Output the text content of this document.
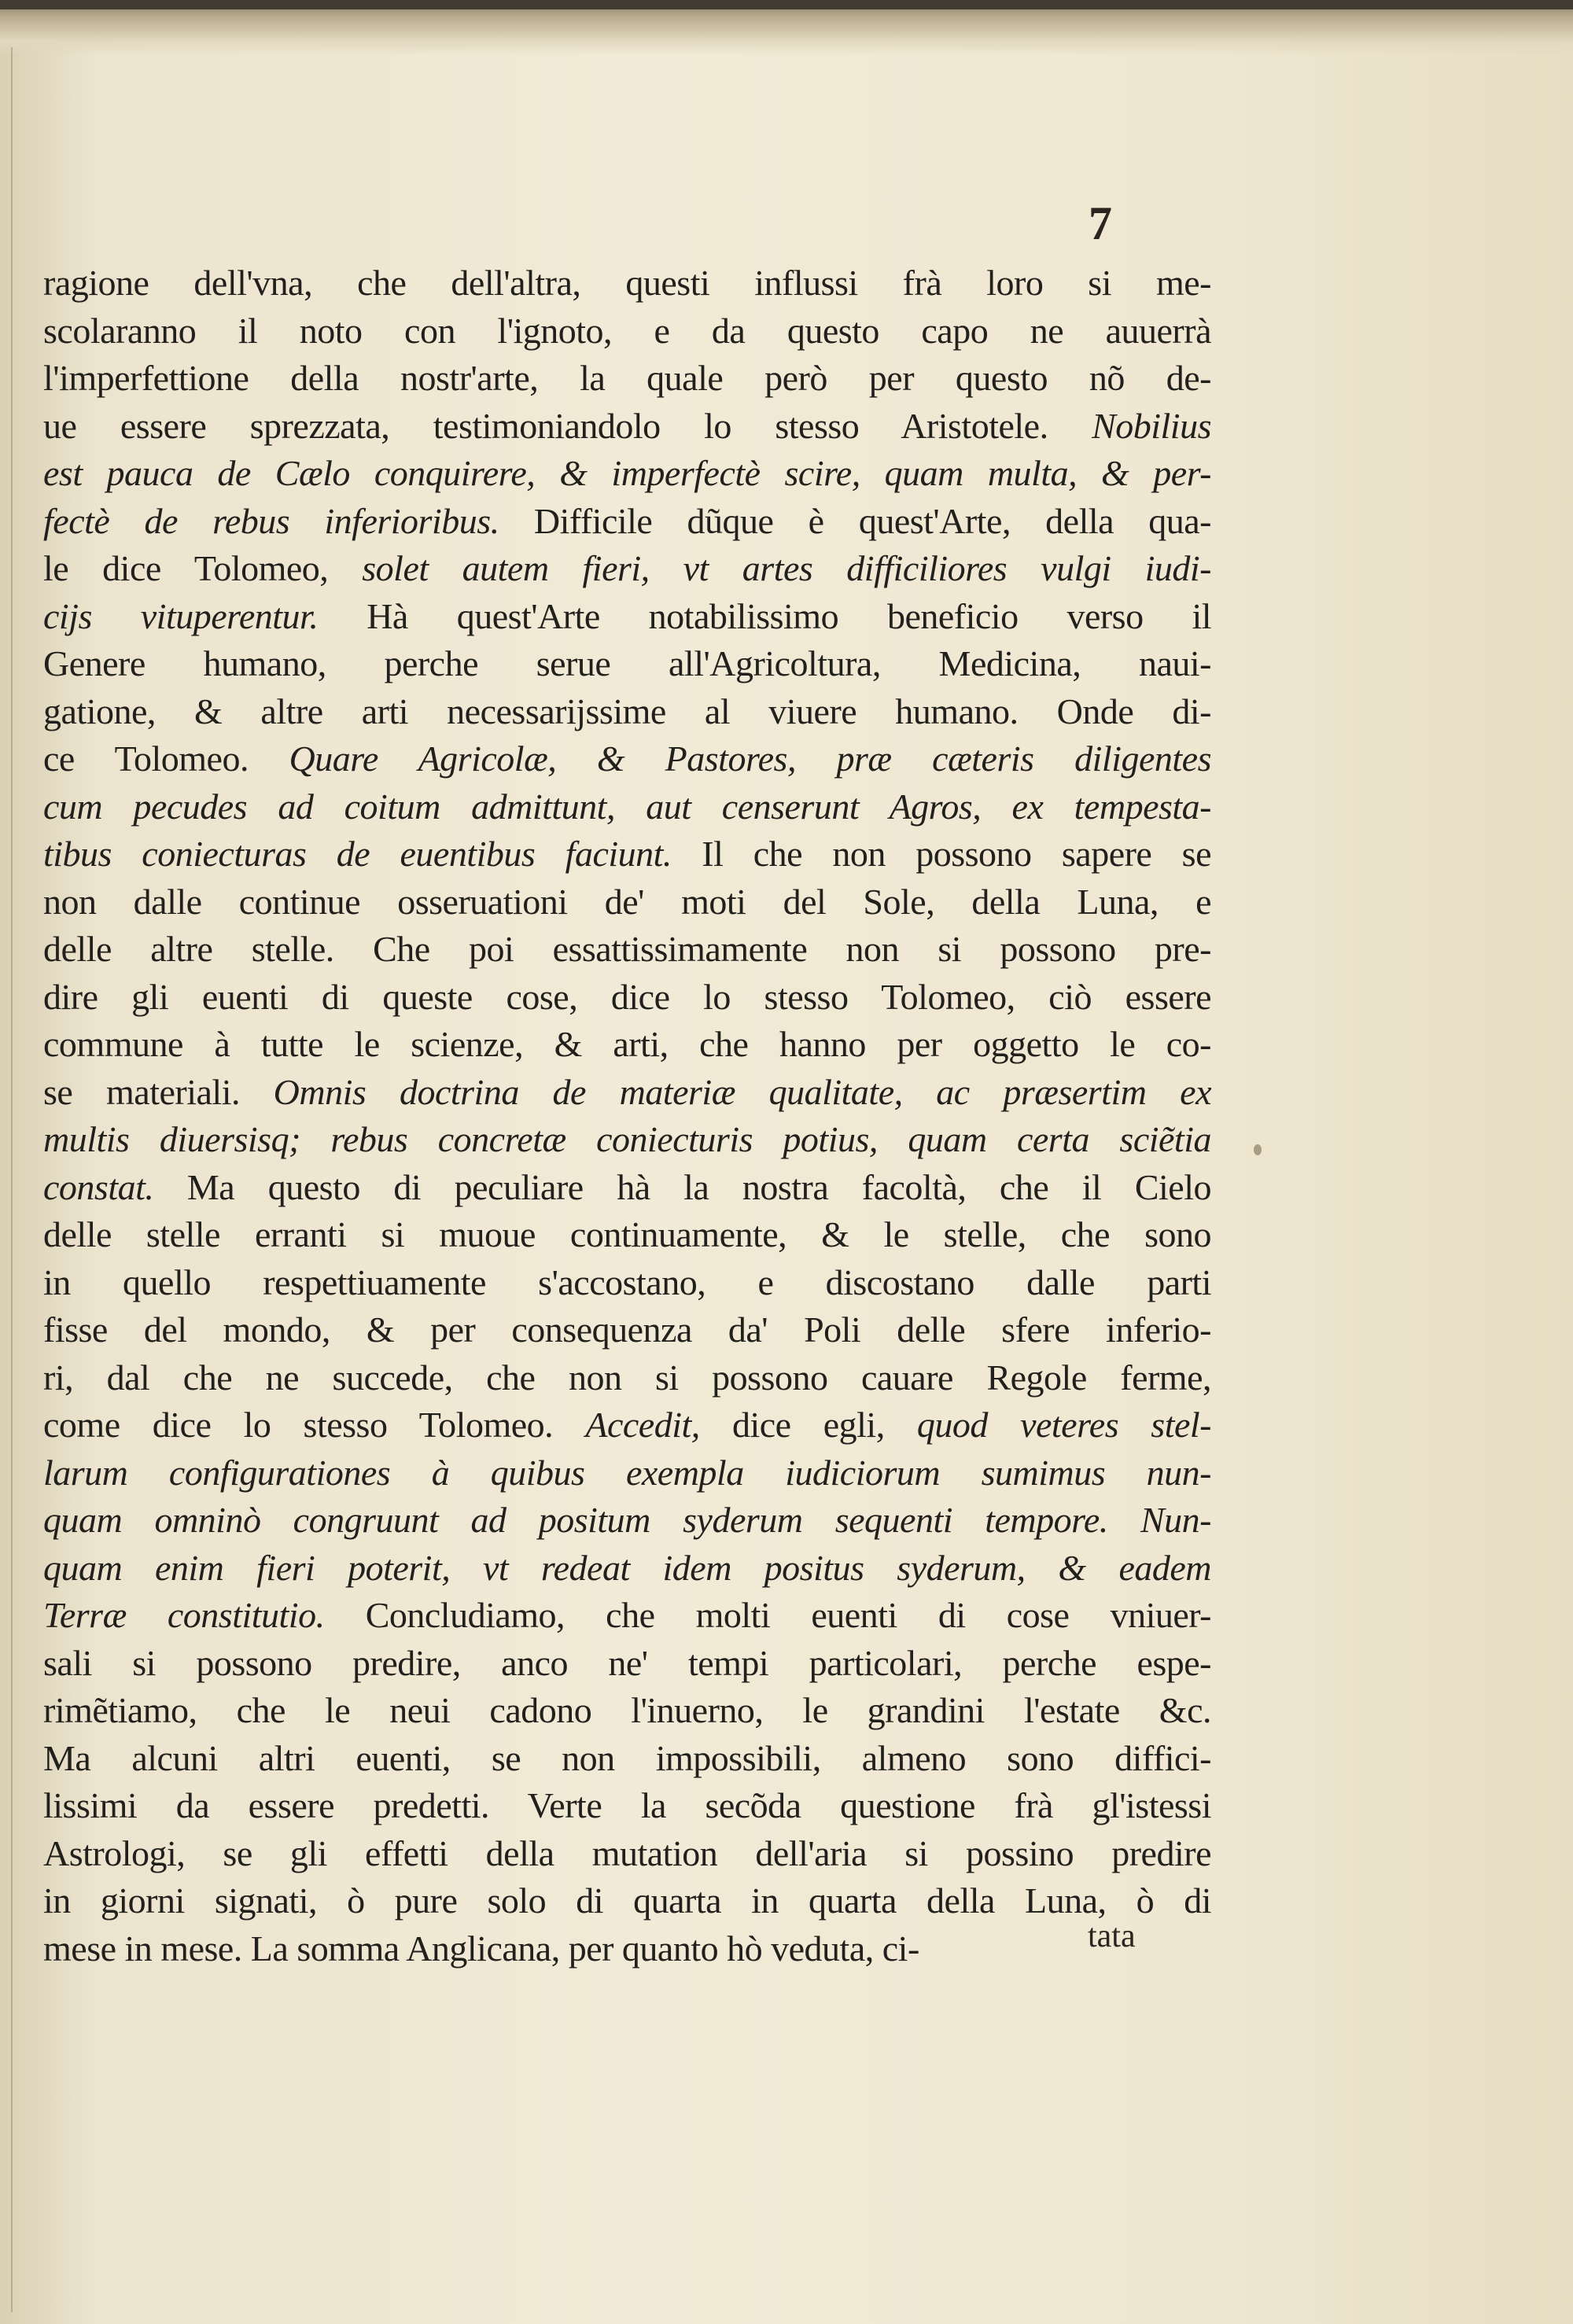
7
ragione dell'vna, che dell'altra, questi influssi frà loro si me-
scolaranno il noto con l'ignoto, e da questo capo ne auuerrà
l'imperfettione della nostr'arte, la quale però per questo nõ de-
ue essere sprezzata, testimoniandolo lo stesso Aristotele. Nobilius
est pauca de Cælo conquirere, & imperfectè scire, quam multa, & per-
fectè de rebus inferioribus. Difficile dũque è quest'Arte, della qua-
le dice Tolomeo, solet autem fieri, vt artes difficiliores vulgi iudi-
cijs vituperentur. Hà quest'Arte notabilissimo beneficio verso il
Genere humano, perche serue all'Agricoltura, Medicina, naui-
gatione, & altre arti necessarijssime al viuere humano. Onde di-
ce Tolomeo. Quare Agricolæ, & Pastores, præ cæteris diligentes
cum pecudes ad coitum admittunt, aut censerunt Agros, ex tempesta-
tibus coniecturas de euentibus faciunt. Il che non possono sapere se
non dalle continue osseruationi de' moti del Sole, della Luna, e
delle altre stelle. Che poi essattissimamente non si possono pre-
dire gli euenti di queste cose, dice lo stesso Tolomeo, ciò essere
commune à tutte le scienze, & arti, che hanno per oggetto le co-
se materiali. Omnis doctrina de materiæ qualitate, ac præsertim ex
multis diuersisq; rebus concretæ coniecturis potius, quam certa sciẽtia
constat. Ma questo di peculiare hà la nostra facoltà, che il Cielo
delle stelle erranti si muoue continuamente, & le stelle, che sono
in quello respettiuamente s'accostano, e discostano dalle parti
fisse del mondo, & per consequenza da' Poli delle sfere inferio-
ri, dal che ne succede, che non si possono cauare Regole ferme,
come dice lo stesso Tolomeo. Accedit, dice egli, quod veteres stel-
larum configurationes à quibus exempla iudiciorum sumimus nun-
quam omninò congruunt ad positum syderum sequenti tempore. Nun-
quam enim fieri poterit, vt redeat idem positus syderum, & eadem
Terræ constitutio. Concludiamo, che molti euenti di cose vniuer-
sali si possono predire, anco ne' tempi particolari, perche espe-
rimẽtiamo, che le neui cadono l'inuerno, le grandini l'estate &c.
Ma alcuni altri euenti, se non impossibili, almeno sono diffici-
lissimi da essere predetti. Verte la secõda questione frà gl'istessi
Astrologi, se gli effetti della mutation dell'aria si possino predire
in giorni signati, ò pure solo di quarta in quarta della Luna, ò di
mese in mese. La somma Anglicana, per quanto hò veduta, ci-	tata
